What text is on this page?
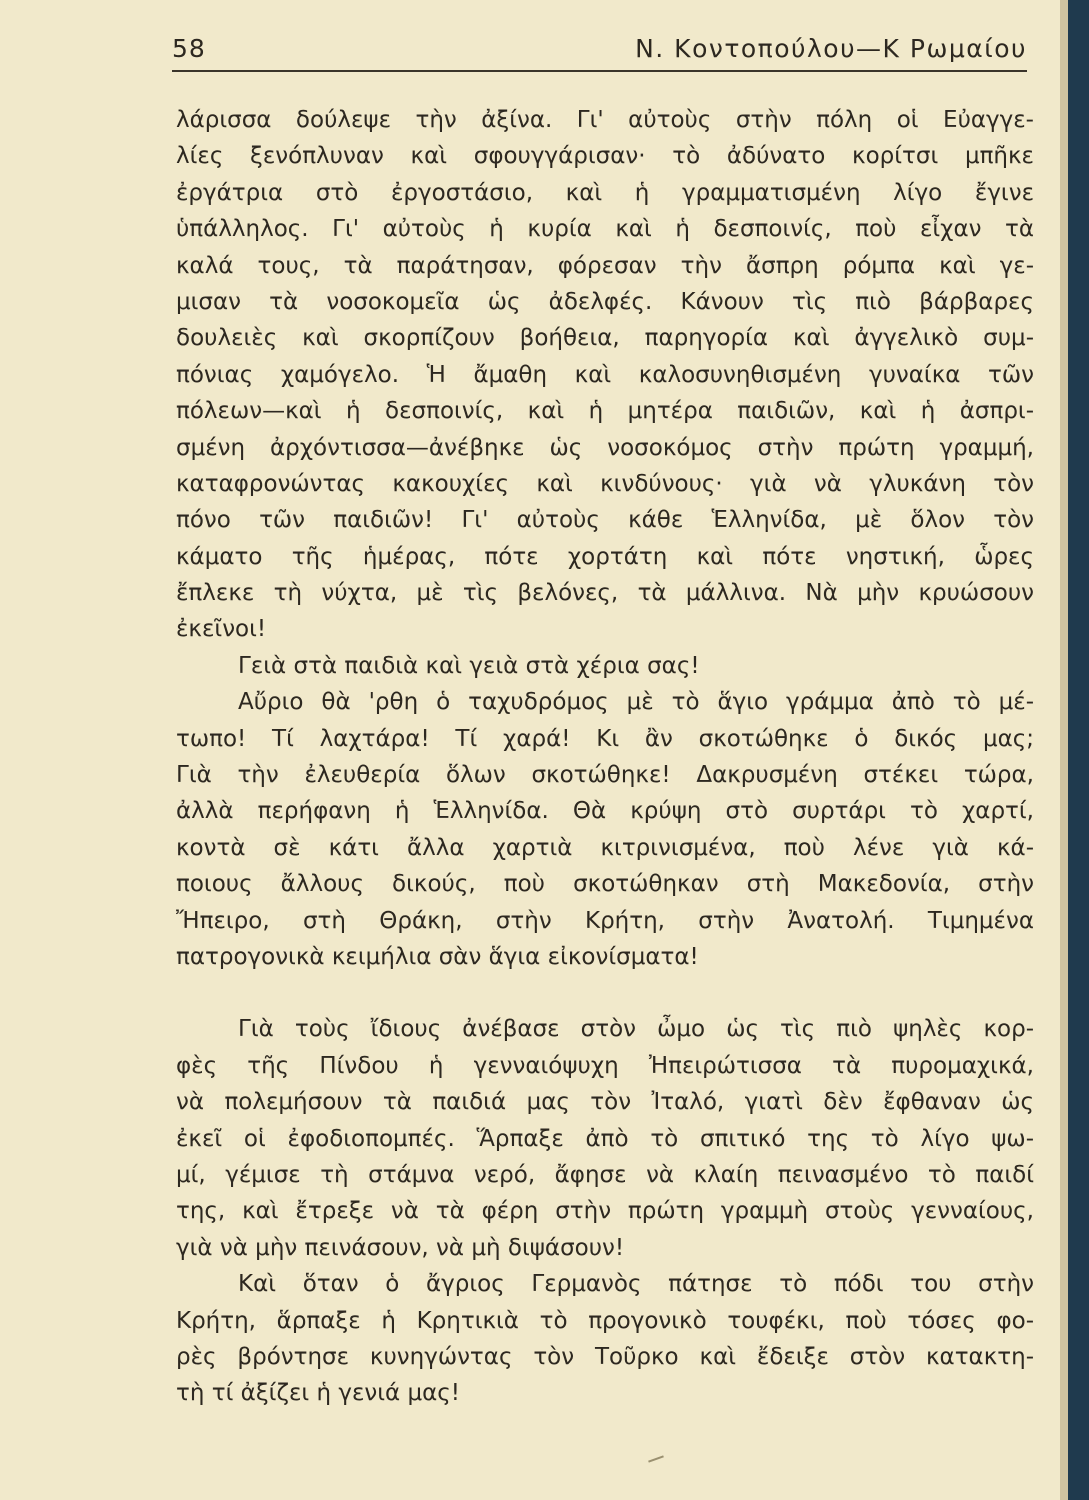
58	Ν. Κοντοπούλου—Κ Ρωμαίου
λάρισσα δούλεψε τὴν ἀξίνα. Γι' αὐτοὺς στὴν πόλη οἱ Εὐαγγε-
λίες ξενόπλυναν καὶ σφουγγάρισαν· τὸ ἀδύνατο κορίτσι μπῆκε
ἐργάτρια στὸ ἐργοστάσιο, καὶ ἡ γραμματισμένη λίγο ἔγινε
ὑπάλληλος. Γι' αὐτοὺς ἡ κυρία καὶ ἡ δεσποινίς, ποὺ εἶχαν τὰ
καλά τους, τὰ παράτησαν, φόρεσαν τὴν ἄσπρη ρόμπα καὶ γε-
μισαν τὰ νοσοκομεῖα ὡς ἀδελφές. Κάνουν τὶς πιὸ βάρβαρες
δουλειὲς καὶ σκορπίζουν βοήθεια, παρηγορία καὶ ἀγγελικὸ συμ-
πόνιας χαμόγελο. Ἡ ἄμαθη καὶ καλοσυνηθισμένη γυναίκα τῶν
πόλεων—καὶ ἡ δεσποινίς, καὶ ἡ μητέρα παιδιῶν, καὶ ἡ ἀσπρι-
σμένη ἀρχόντισσα—ἀνέβηκε ὡς νοσοκόμος στὴν πρώτη γραμμή,
καταφρονώντας κακουχίες καὶ κινδύνους· γιὰ νὰ γλυκάνη τὸν
πόνο τῶν παιδιῶν! Γι' αὐτοὺς κάθε Ἑλληνίδα, μὲ ὅλον τὸν
κάματο τῆς ἡμέρας, πότε χορτάτη καὶ πότε νηστική, ὧρες
ἔπλεκε τὴ νύχτα, μὲ τὶς βελόνες, τὰ μάλλινα. Νὰ μὴν κρυώσουν
ἐκεῖνοι!
Γειὰ στὰ παιδιὰ καὶ γειὰ στὰ χέρια σας!
Αὔριο θὰ 'ρθη ὁ ταχυδρόμος μὲ τὸ ἅγιο γράμμα ἀπὸ τὸ μέ-
τωπο! Τί λαχτάρα! Τί χαρά! Κι ἂν σκοτώθηκε ὁ δικός μας;
Γιὰ τὴν ἐλευθερία ὅλων σκοτώθηκε! Δακρυσμένη στέκει τώρα,
ἀλλὰ περήφανη ἡ Ἑλληνίδα. Θὰ κρύψη στὸ συρτάρι τὸ χαρτί,
κοντὰ σὲ κάτι ἄλλα χαρτιὰ κιτρινισμένα, ποὺ λένε γιὰ κά-
ποιους ἄλλους δικούς, ποὺ σκοτώθηκαν στὴ Μακεδονία, στὴν
Ἤπειρο, στὴ Θράκη, στὴν Κρήτη, στὴν Ἀνατολή. Τιμημένα
πατρογονικὰ κειμήλια σὰν ἅγια εἰκονίσματα!
Γιὰ τοὺς ἴδιους ἀνέβασε στὸν ὦμο ὡς τὶς πιὸ ψηλὲς κορ-
φὲς τῆς Πίνδου ἡ γενναιόψυχη Ἠπειρώτισσα τὰ πυρομαχικά,
νὰ πολεμήσουν τὰ παιδιά μας τὸν Ἰταλό, γιατὶ δὲν ἔφθαναν ὡς
ἐκεῖ οἱ ἐφοδιοπομπές. Ἅρπαξε ἀπὸ τὸ σπιτικό της τὸ λίγο ψω-
μί, γέμισε τὴ στάμνα νερό, ἄφησε νὰ κλαίη πεινασμένο τὸ παιδί
της, καὶ ἔτρεξε νὰ τὰ φέρη στὴν πρώτη γραμμὴ στοὺς γενναίους,
γιὰ νὰ μὴν πεινάσουν, νὰ μὴ διψάσουν!
Καὶ ὅταν ὁ ἄγριος Γερμανὸς πάτησε τὸ πόδι του στὴν
Κρήτη, ἅρπαξε ἡ Κρητικιὰ τὸ προγονικὸ τουφέκι, ποὺ τόσες φο-
ρὲς βρόντησε κυνηγώντας τὸν Τοῦρκο καὶ ἔδειξε στὸν κατακτη-
τὴ τί ἀξίζει ἡ γενιά μας!
